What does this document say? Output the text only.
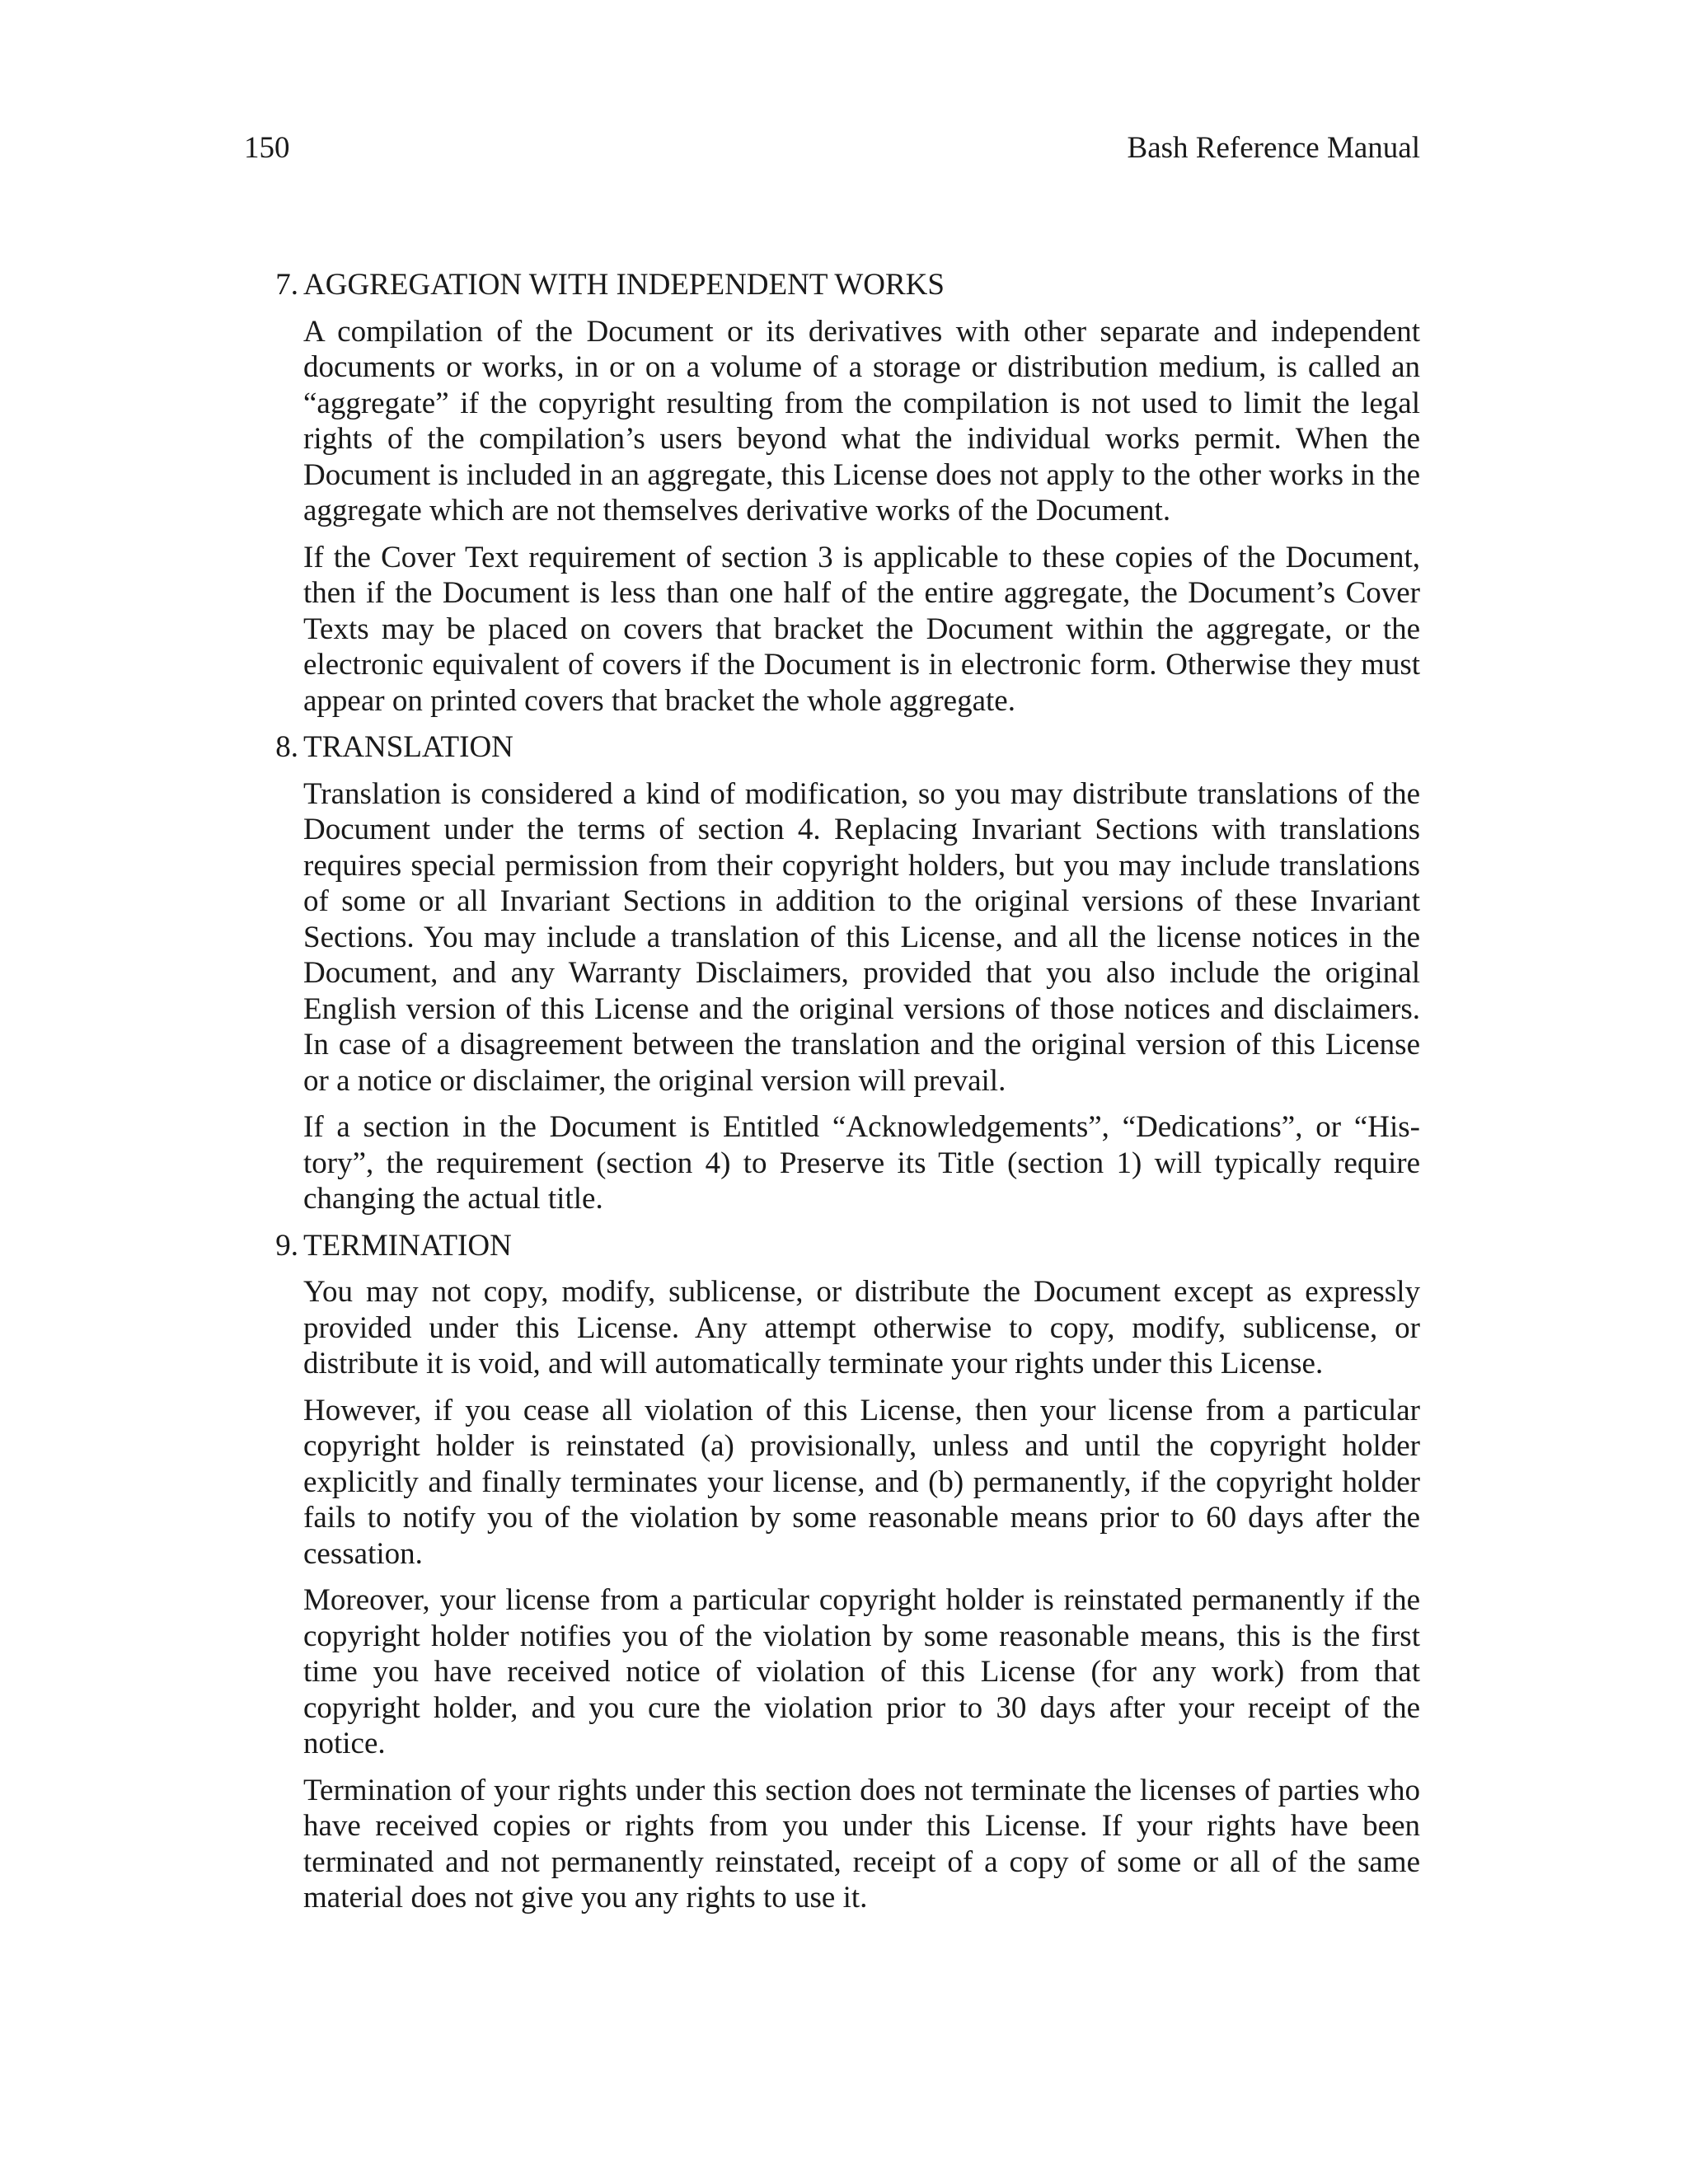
150	Bash Reference Manual
7. AGGREGATION WITH INDEPENDENT WORKS

A compilation of the Document or its derivatives with other separate and independent documents or works, in or on a volume of a storage or distribution medium, is called an “aggregate” if the copyright resulting from the compilation is not used to limit the legal rights of the compilation’s users beyond what the individual works permit. When the Document is included in an aggregate, this License does not apply to the other works in the aggregate which are not themselves derivative works of the Document.

If the Cover Text requirement of section 3 is applicable to these copies of the Document, then if the Document is less than one half of the entire aggregate, the Document’s Cover Texts may be placed on covers that bracket the Document within the aggregate, or the electronic equivalent of covers if the Document is in electronic form. Otherwise they must appear on printed covers that bracket the whole aggregate.

8. TRANSLATION

Translation is considered a kind of modification, so you may distribute translations of the Document under the terms of section 4. Replacing Invariant Sections with translations requires special permission from their copyright holders, but you may include translations of some or all Invariant Sections in addition to the original versions of these Invariant Sections. You may include a translation of this License, and all the license notices in the Document, and any Warranty Disclaimers, provided that you also include the original English version of this License and the original versions of those notices and disclaimers. In case of a disagreement between the translation and the original version of this License or a notice or disclaimer, the original version will prevail.

If a section in the Document is Entitled “Acknowledgements”, “Dedications”, or “History”, the requirement (section 4) to Preserve its Title (section 1) will typically require changing the actual title.

9. TERMINATION

You may not copy, modify, sublicense, or distribute the Document except as expressly provided under this License. Any attempt otherwise to copy, modify, sublicense, or distribute it is void, and will automatically terminate your rights under this License.

However, if you cease all violation of this License, then your license from a particular copyright holder is reinstated (a) provisionally, unless and until the copyright holder explicitly and finally terminates your license, and (b) permanently, if the copyright holder fails to notify you of the violation by some reasonable means prior to 60 days after the cessation.

Moreover, your license from a particular copyright holder is reinstated permanently if the copyright holder notifies you of the violation by some reasonable means, this is the first time you have received notice of violation of this License (for any work) from that copyright holder, and you cure the violation prior to 30 days after your receipt of the notice.

Termination of your rights under this section does not terminate the licenses of parties who have received copies or rights from you under this License. If your rights have been terminated and not permanently reinstated, receipt of a copy of some or all of the same material does not give you any rights to use it.
